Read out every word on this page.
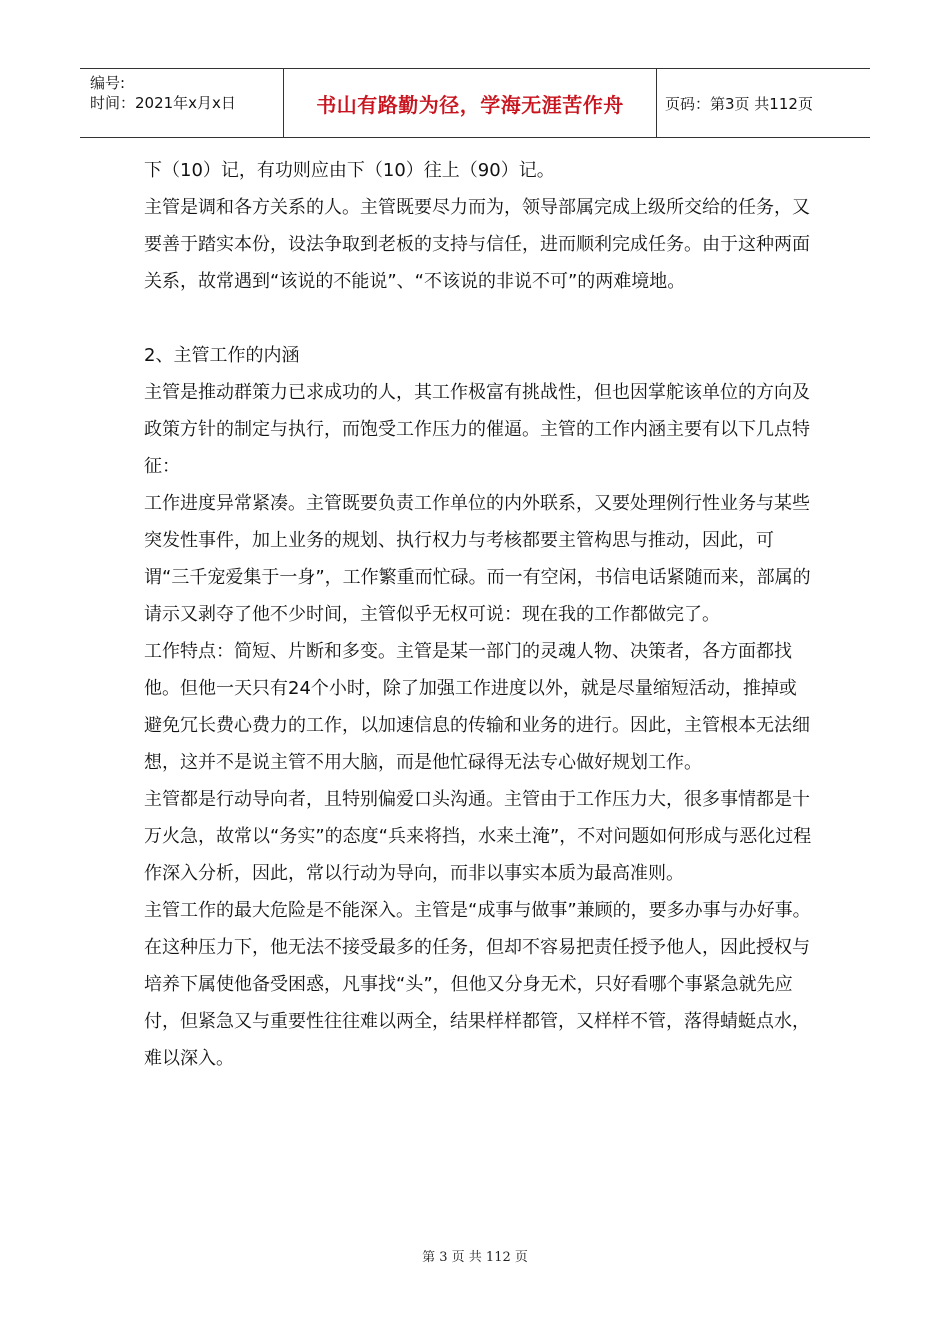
编号:
时间：2021年x月x日	书山有路勤为径，学海无涯苦作舟	页码：第3页 共112页

下（10）记，有功则应由下（10）往上（90）记。

主管是调和各方关系的人。主管既要尽力而为，领导部属完成上级所交给的任务，又要善于踏实本份，设法争取到老板的支持与信任，进而顺利完成任务。由于这种两面关系，故常遇到“该说的不能说”、“不该说的非说不可”的两难境地。

2、主管工作的内涵

主管是推动群策力已求成功的人，其工作极富有挑战性，但也因掌舵该单位的方向及政策方针的制定与执行，而饱受工作压力的催逼。主管的工作内涵主要有以下几点特征：

工作进度异常紧凑。主管既要负责工作单位的内外联系，又要处理例行性业务与某些突发性事件，加上业务的规划、执行权力与考核都要主管构思与推动，因此，可谓“三千宠爱集于一身”，工作繁重而忙碌。而一有空闲，书信电话紧随而来，部属的请示又剥夺了他不少时间，主管似乎无权可说：现在我的工作都做完了。

工作特点：简短、片断和多变。主管是某一部门的灵魂人物、决策者，各方面都找他。但他一天只有24个小时，除了加强工作进度以外，就是尽量缩短活动，推掉或避免冗长费心费力的工作，以加速信息的传输和业务的进行。因此，主管根本无法细想，这并不是说主管不用大脑，而是他忙碌得无法专心做好规划工作。

主管都是行动导向者，且特别偏爱口头沟通。主管由于工作压力大，很多事情都是十万火急，故常以“务实”的态度“兵来将挡，水来土淹”，不对问题如何形成与恶化过程作深入分析，因此，常以行动为导向，而非以事实本质为最高准则。

主管工作的最大危险是不能深入。主管是“成事与做事”兼顾的，要多办事与办好事。在这种压力下，他无法不接受最多的任务，但却不容易把责任授予他人，因此授权与培养下属使他备受困惑，凡事找“头”，但他又分身无术，只好看哪个事紧急就先应付，但紧急又与重要性往往难以两全，结果样样都管，又样样不管，落得蜻蜓点水，难以深入。

第 3 页 共 112 页
